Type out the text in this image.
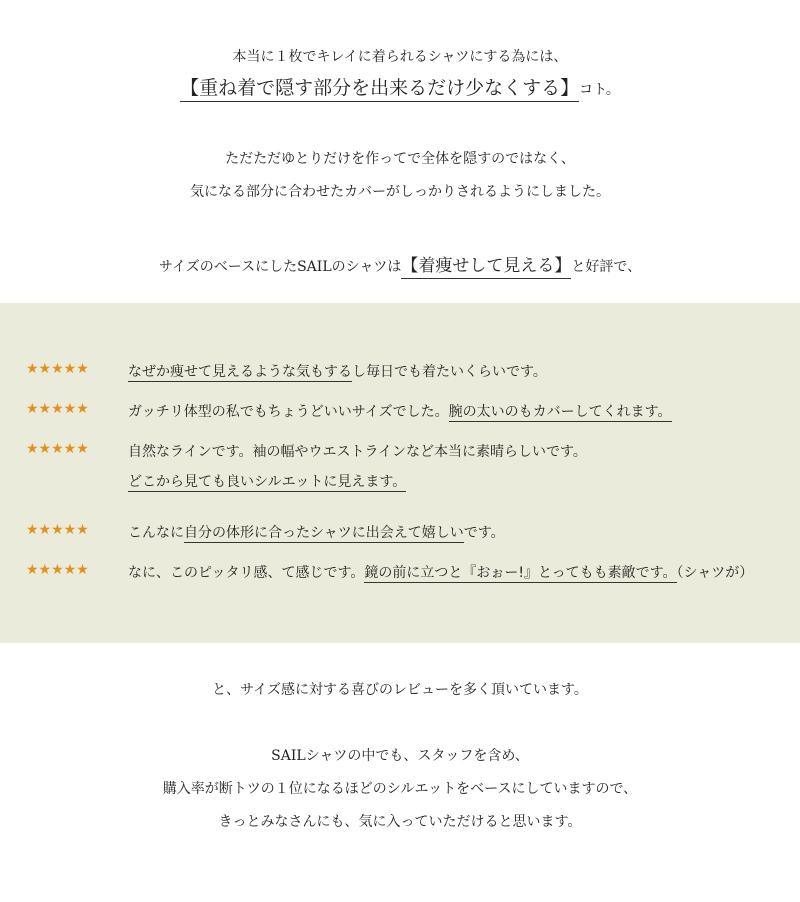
本当に１枚でキレイに着られるシャツにする為には、
【重ね着で隠す部分を出来るだけ少なくする】コト。
ただただゆとりだけを作ってで全体を隠すのではなく、
気になる部分に合わせたカバーがしっかりされるようにしました。
サイズのベースにしたSAILのシャツは【着痩せして見える】と好評で、
★★★★★	なぜか痩せて見えるような気もするし毎日でも着たいくらいです。
★★★★★	ガッチリ体型の私でもちょうどいいサイズでした。腕の太いのもカバーしてくれます。
★★★★★	自然なラインです。袖の幅やウエストラインなど本当に素晴らしいです。
どこから見ても良いシルエットに見えます。
★★★★★	こんなに自分の体形に合ったシャツに出会えて嬉しいです。
★★★★★	なに、このピッタリ感、て感じです。鏡の前に立つと『おぉー!』とってもも素敵です。（シャツが）
と、サイズ感に対する喜びのレビューを多く頂いています。
SAILシャツの中でも、スタッフを含め、
購入率が断トツの１位になるほどのシルエットをベースにしていますので、
きっとみなさんにも、気に入っていただけると思います。
